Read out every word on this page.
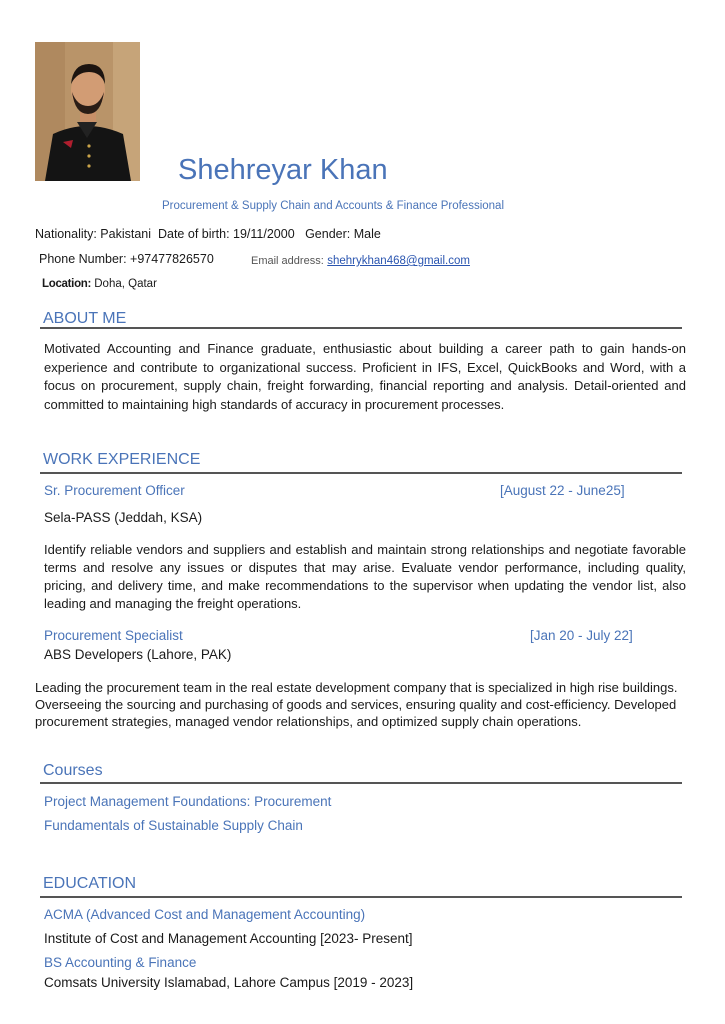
Shehreyar Khan
Procurement & Supply Chain and Accounts & Finance Professional
Nationality: Pakistani Date of birth: 19/11/2000 Gender: Male
Phone Number: +97477826570	Email address: shehrykhan468@gmail.com
Location: Doha, Qatar
ABOUT ME
Motivated Accounting and Finance graduate, enthusiastic about building a career path to gain hands-on experience and contribute to organizational success. Proficient in IFS, Excel, QuickBooks and Word, with a focus on procurement, supply chain, freight forwarding, financial reporting and analysis. Detail-oriented and committed to maintaining high standards of accuracy in procurement processes.
WORK EXPERIENCE
Sr. Procurement Officer	[August 22 - June25]
Sela-PASS (Jeddah, KSA)
Identify reliable vendors and suppliers and establish and maintain strong relationships and negotiate favorable terms and resolve any issues or disputes that may arise. Evaluate vendor performance, including quality, pricing, and delivery time, and make recommendations to the supervisor when updating the vendor list, also leading and managing the freight operations.
Procurement Specialist	[Jan 20 - July 22]
ABS Developers (Lahore, PAK)
Leading the procurement team in the real estate development company that is specialized in high rise buildings. Overseeing the sourcing and purchasing of goods and services, ensuring quality and cost-efficiency. Developed procurement strategies, managed vendor relationships, and optimized supply chain operations.
Courses
Project Management Foundations: Procurement
Fundamentals of Sustainable Supply Chain
EDUCATION
ACMA (Advanced Cost and Management Accounting)
Institute of Cost and Management Accounting [2023- Present]
BS Accounting & Finance
Comsats University Islamabad, Lahore Campus [2019 - 2023]
